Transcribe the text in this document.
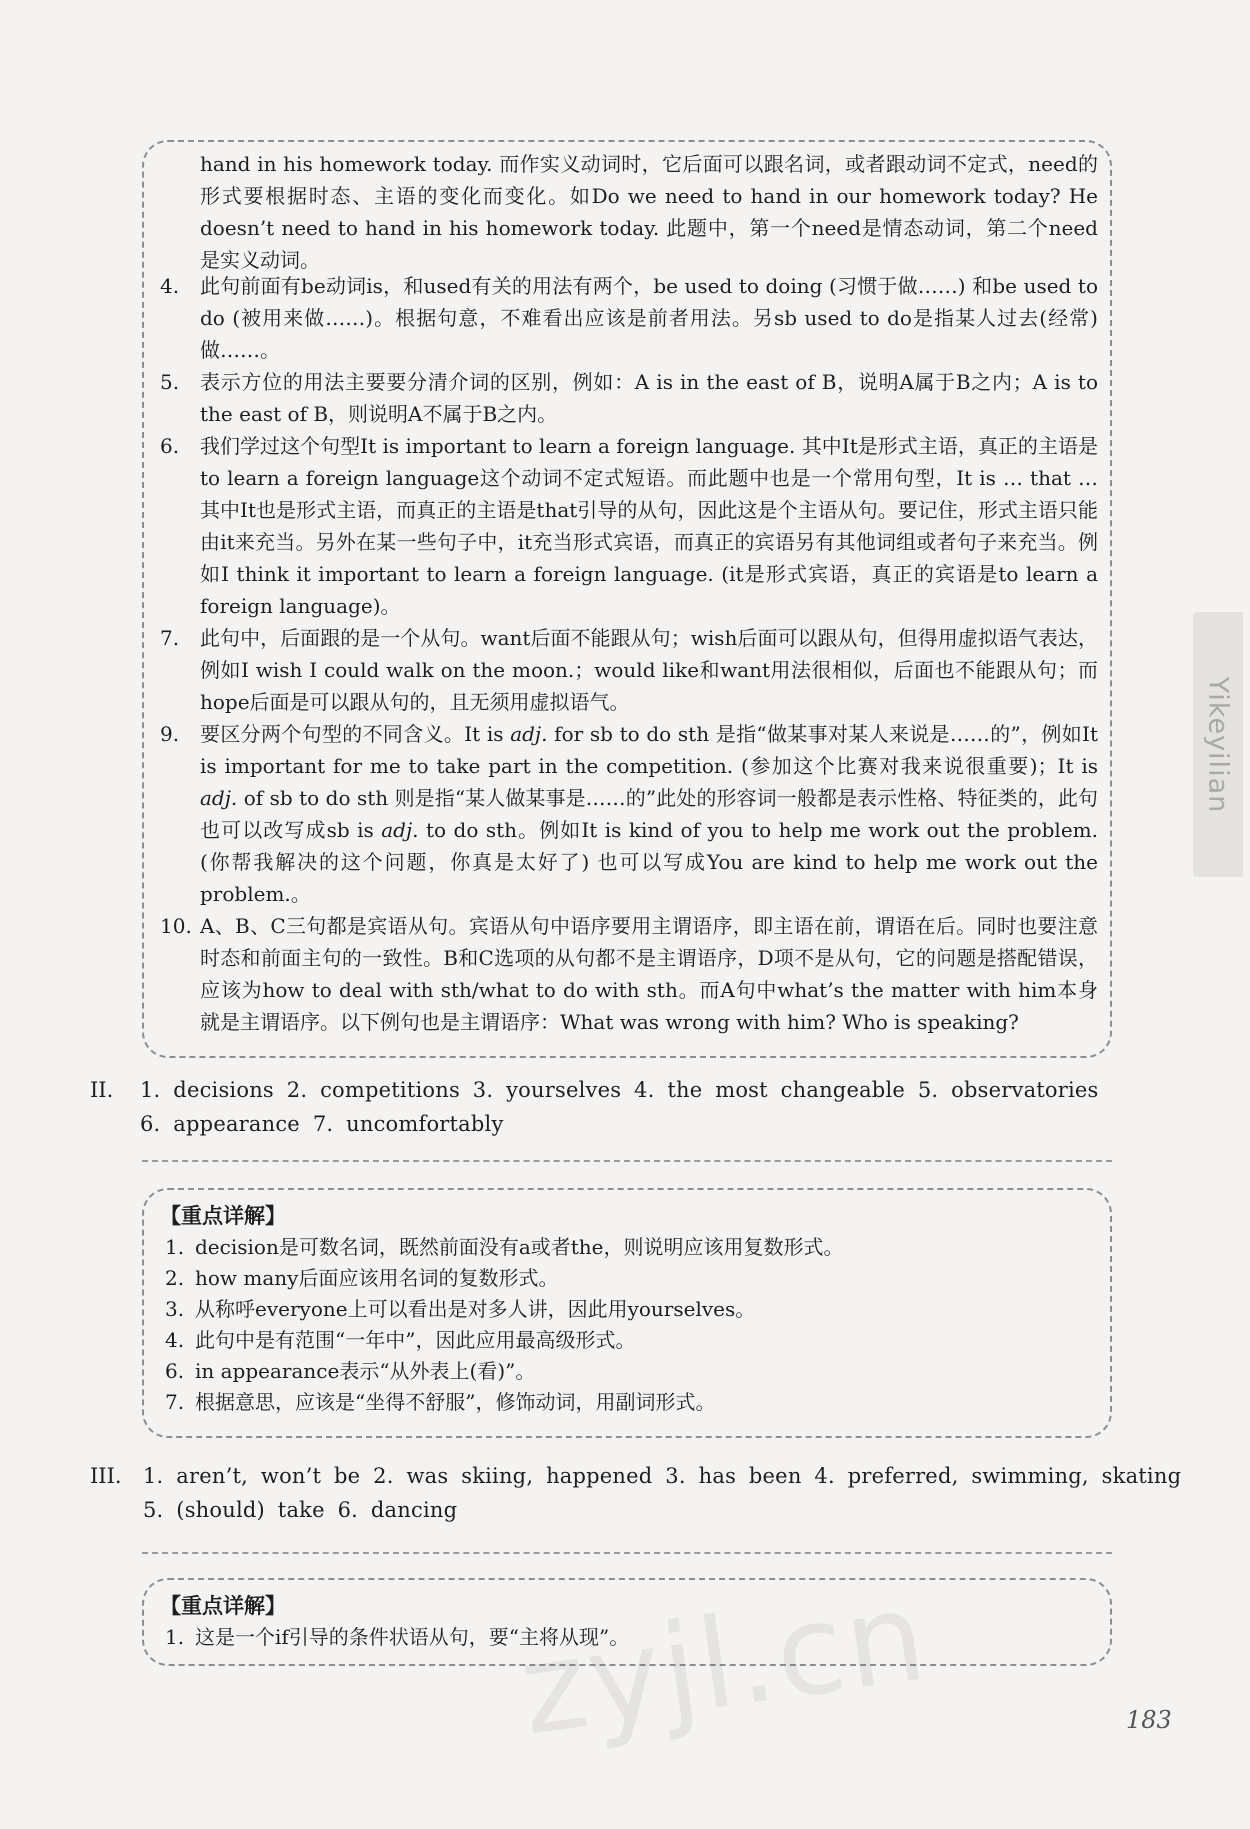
hand in his homework today. 而作实义动词时，它后面可以跟名词，或者跟动词不定式，need的形式要根据时态、主语的变化而变化。如Do we need to hand in our homework today? He doesn’t need to hand in his homework today. 此题中，第一个need是情态动词，第二个need是实义动词。

4.	此句前面有be动词is，和used有关的用法有两个，be used to doing (习惯于做……) 和be used to do (被用来做……)。根据句意，不难看出应该是前者用法。另sb used to do是指某人过去(经常)做……。
5.	表示方位的用法主要要分清介词的区别，例如：A is in the east of B，说明A属于B之内；A is to the east of B，则说明A不属于B之内。
6.	我们学过这个句型It is important to learn a foreign language. 其中It是形式主语，真正的主语是to learn a foreign language这个动词不定式短语。而此题中也是一个常用句型，It is … that … 其中It也是形式主语，而真正的主语是that引导的从句，因此这是个主语从句。要记住，形式主语只能由it来充当。另外在某一些句子中，it充当形式宾语，而真正的宾语另有其他词组或者句子来充当。例如I think it important to learn a foreign language. (it是形式宾语，真正的宾语是to learn a foreign language)。
7.	此句中，后面跟的是一个从句。want后面不能跟从句；wish后面可以跟从句，但得用虚拟语气表达，例如I wish I could walk on the moon.；would like和want用法很相似，后面也不能跟从句；而hope后面是可以跟从句的，且无须用虚拟语气。
9.	要区分两个句型的不同含义。It is adj. for sb to do sth 是指“做某事对某人来说是……的”，例如It is important for me to take part in the competition. (参加这个比赛对我来说很重要)；It is adj. of sb to do sth 则是指“某人做某事是……的”此处的形容词一般都是表示性格、特征类的，此句也可以改写成sb is adj. to do sth。例如It is kind of you to help me work out the problem. (你帮我解决的这个问题，你真是太好了) 也可以写成You are kind to help me work out the problem.。
10. A、B、C三句都是宾语从句。宾语从句中语序要用主谓语序，即主语在前，谓语在后。同时也要注意时态和前面主句的一致性。B和C选项的从句都不是主谓语序，D项不是从句，它的问题是搭配错误，应该为how to deal with sth/what to do with sth。而A句中what’s the matter with him本身就是主谓语序。以下例句也是主谓语序：What was wrong with him? Who is speaking?
II. 1. decisions 2. competitions 3. yourselves 4. the most changeable 5. observatories
6. appearance 7. uncomfortably
【重点详解】
1. decision是可数名词，既然前面没有a或者the，则说明应该用复数形式。
2. how many后面应该用名词的复数形式。
3. 从称呼everyone上可以看出是对多人讲，因此用yourselves。
4. 此句中是有范围“一年中”，因此应用最高级形式。
6. in appearance表示“从外表上(看)”。
7. 根据意思，应该是“坐得不舒服”，修饰动词，用副词形式。
III. 1. aren’t, won’t be 2. was skiing, happened 3. has been 4. preferred, swimming, skating
5. (should) take 6. dancing
【重点详解】
1. 这是一个if引导的条件状语从句，要“主将从现”。
Yikeyilian
zyjl.cn	183
